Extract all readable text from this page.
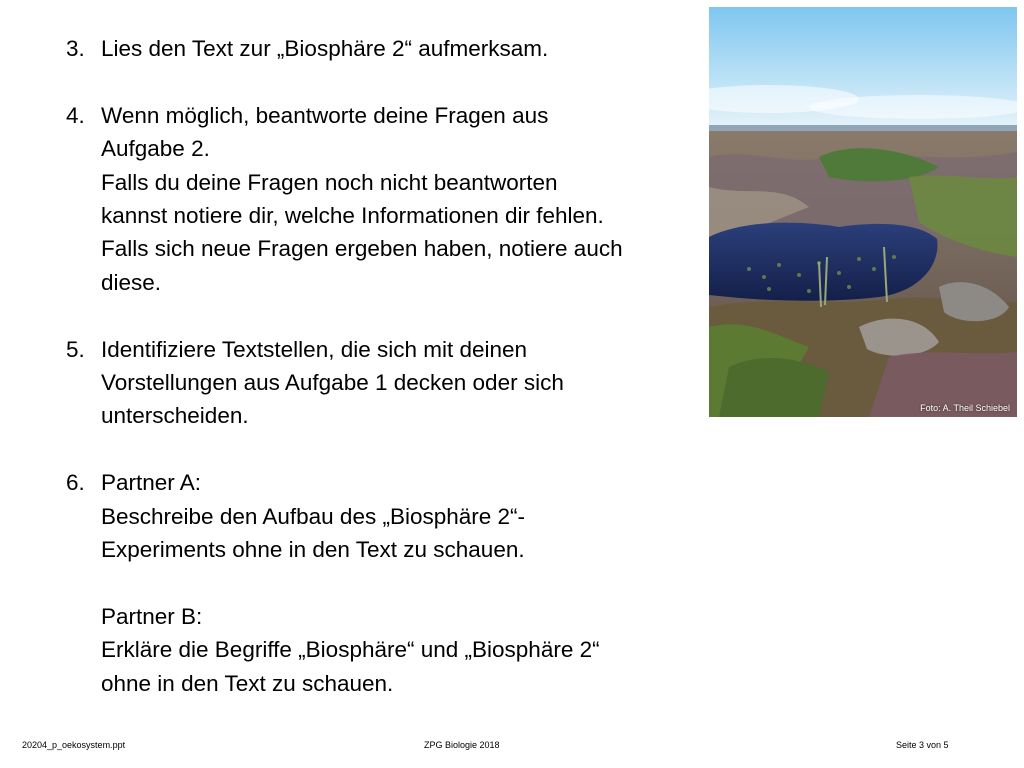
3. Lies den Text zur „Biosphäre 2“ aufmerksam.
4. Wenn möglich, beantworte deine Fragen aus
Aufgabe 2.
Falls du deine Fragen noch nicht beantworten
kannst notiere dir, welche Informationen dir fehlen.
Falls sich neue Fragen ergeben haben, notiere auch
diese.
5. Identifiziere Textstellen, die sich mit deinen
Vorstellungen aus Aufgabe 1 decken oder sich
unterscheiden.
6. Partner A:
Beschreibe den Aufbau des „Biosphäre 2“-
Experiments ohne in den Text zu schauen.
Partner B:
Erkläre die Begriffe „Biosphäre“ und „Biosphäre 2“
ohne in den Text zu schauen.
Foto: A. Theil Schiebel
20204_p_oekosystem.ppt	ZPG Biologie 2018	Seite 3 von 5
